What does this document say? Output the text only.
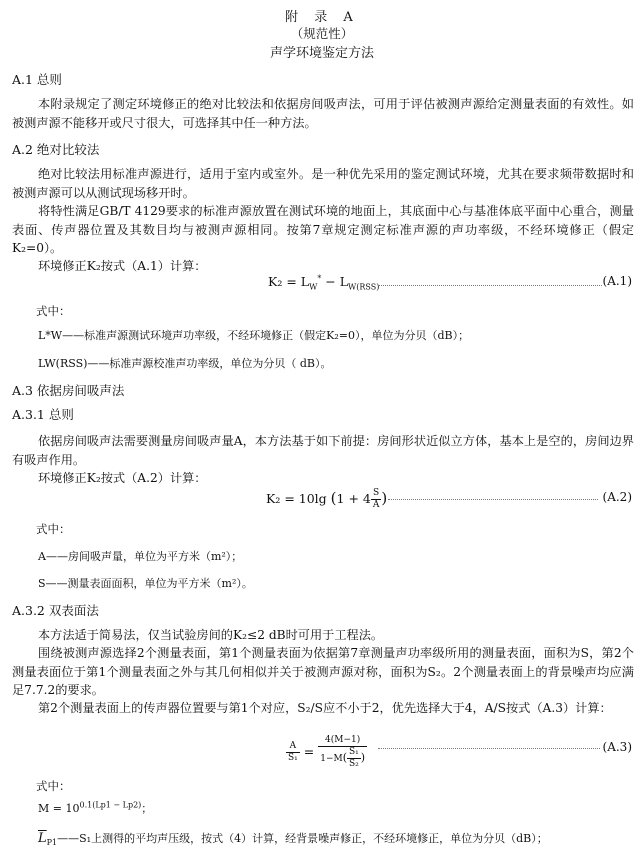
附 录 A
（规范性）
声学环境鉴定方法
A.1 总则
本附录规定了测定环境修正的绝对比较法和依据房间吸声法，可用于评估被测声源给定测量表面的有效性。如被测声源不能移开或尺寸很大，可选择其中任一种方法。
A.2 绝对比较法
绝对比较法用标准声源进行，适用于室内或室外。是一种优先采用的鉴定测试环境，尤其在要求频带数据时和被测声源可以从测试现场移开时。
将特性满足GB/T 4129要求的标准声源放置在测试环境的地面上，其底面中心与基准体底平面中心重合，测量表面、传声器位置及其数目均与被测声源相同。按第7章规定测定标准声源的声功率级，不经环境修正（假定K₂=0）。
环境修正K₂按式（A.1）计算：
$K_2 = L_W^* - L_{W(RSS)}$	(A.1)
式中：
L*W——标准声源测试环境声功率级，不经环境修正（假定K₂=0），单位为分贝（dB）；
LW(RSS)——标准声源校准声功率级，单位为分贝（ dB）。
A.3 依据房间吸声法
A.3.1 总则
依据房间吸声法需要测量房间吸声量A，本方法基于如下前提：房间形状近似立方体，基本上是空的，房间边界有吸声作用。
环境修正K₂按式（A.2）计算：
K₂ = 10lg ($1 + 4 \frac{S}{A}$ )	(A.2)
式中：
A——房间吸声量，单位为平方米（m²）；
S——测量表面面积，单位为平方米（m²）。
A.3.2 双表面法
本方法适于简易法，仅当试验房间的K₂≤2 dB时可用于工程法。
围绕被测声源选择2个测量表面，第1个测量表面为依据第7章测量声功率级所用的测量表面，面积为S，第2个测量表面位于第1个测量表面之外与其几何相似并关于被测声源对称，面积为S₂。2个测量表面上的背景噪声均应满足7.7.2的要求。
第2个测量表面上的传声器位置要与第1个对应，S₂/S应不小于2，优先选择大于4，A/S按式（A.3）计算：
$\frac{A}{\text{S₁}} = \frac{4(M-1)}{1-M( \frac{\text{S₁}}{\text{S₂}} )}$	(A.3)
式中：
$M = 10^{0.1(Lp1 - Lp2)}$；
$\overline{L}_{P1}——S_1$上测得的平均声压级，按式（4）计算，经背景噪声修正，不经环境修正，单位为分贝（dB）；
